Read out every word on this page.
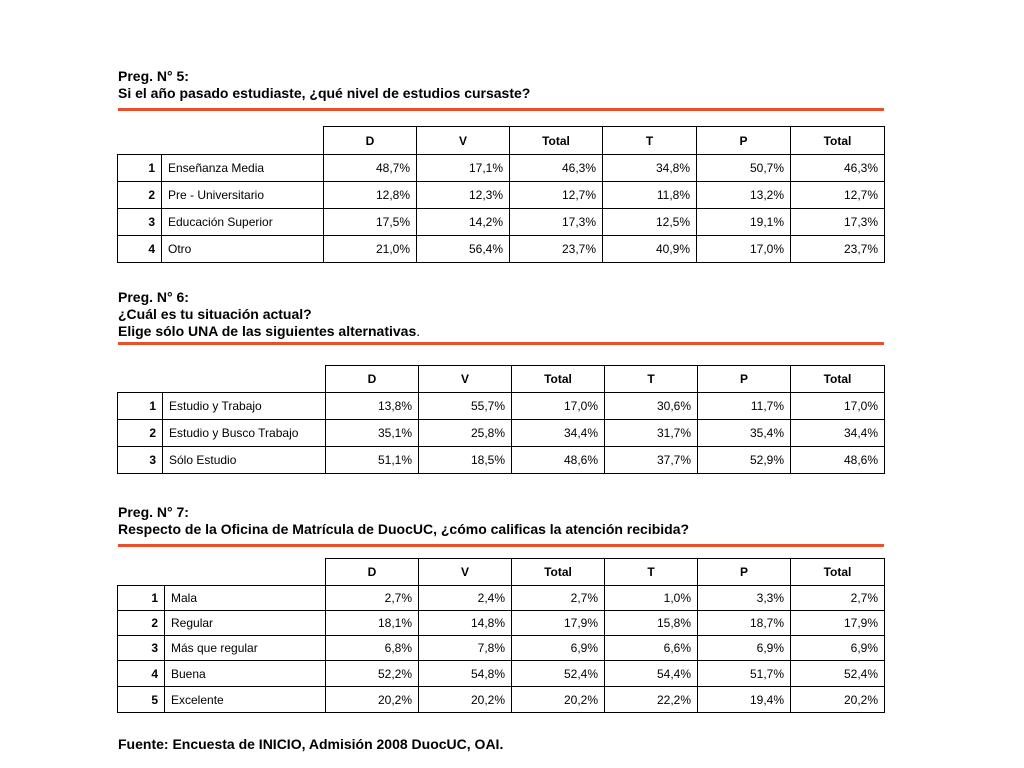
Preg. N° 5:
Si el año pasado estudiaste, ¿qué nivel de estudios cursaste?
		D	V	Total	T	P	Total
1	Enseñanza Media	48,7%	17,1%	46,3%	34,8%	50,7%	46,3%
2	Pre - Universitario	12,8%	12,3%	12,7%	11,8%	13,2%	12,7%
3	Educación Superior	17,5%	14,2%	17,3%	12,5%	19,1%	17,3%
4	Otro	21,0%	56,4%	23,7%	40,9%	17,0%	23,7%
Preg. N° 6:
¿Cuál es tu situación actual?
Elige sólo UNA de las siguientes alternativas.
		D	V	Total	T	P	Total
1	Estudio y Trabajo	13,8%	55,7%	17,0%	30,6%	11,7%	17,0%
2	Estudio y Busco Trabajo	35,1%	25,8%	34,4%	31,7%	35,4%	34,4%
3	Sólo Estudio	51,1%	18,5%	48,6%	37,7%	52,9%	48,6%
Preg. N° 7:
Respecto de la Oficina de Matrícula de DuocUC, ¿cómo calificas la atención recibida?
		D	V	Total	T	P	Total
1	Mala	2,7%	2,4%	2,7%	1,0%	3,3%	2,7%
2	Regular	18,1%	14,8%	17,9%	15,8%	18,7%	17,9%
3	Más que regular	6,8%	7,8%	6,9%	6,6%	6,9%	6,9%
4	Buena	52,2%	54,8%	52,4%	54,4%	51,7%	52,4%
5	Excelente	20,2%	20,2%	20,2%	22,2%	19,4%	20,2%
Fuente: Encuesta de INICIO, Admisión 2008 DuocUC, OAI.
